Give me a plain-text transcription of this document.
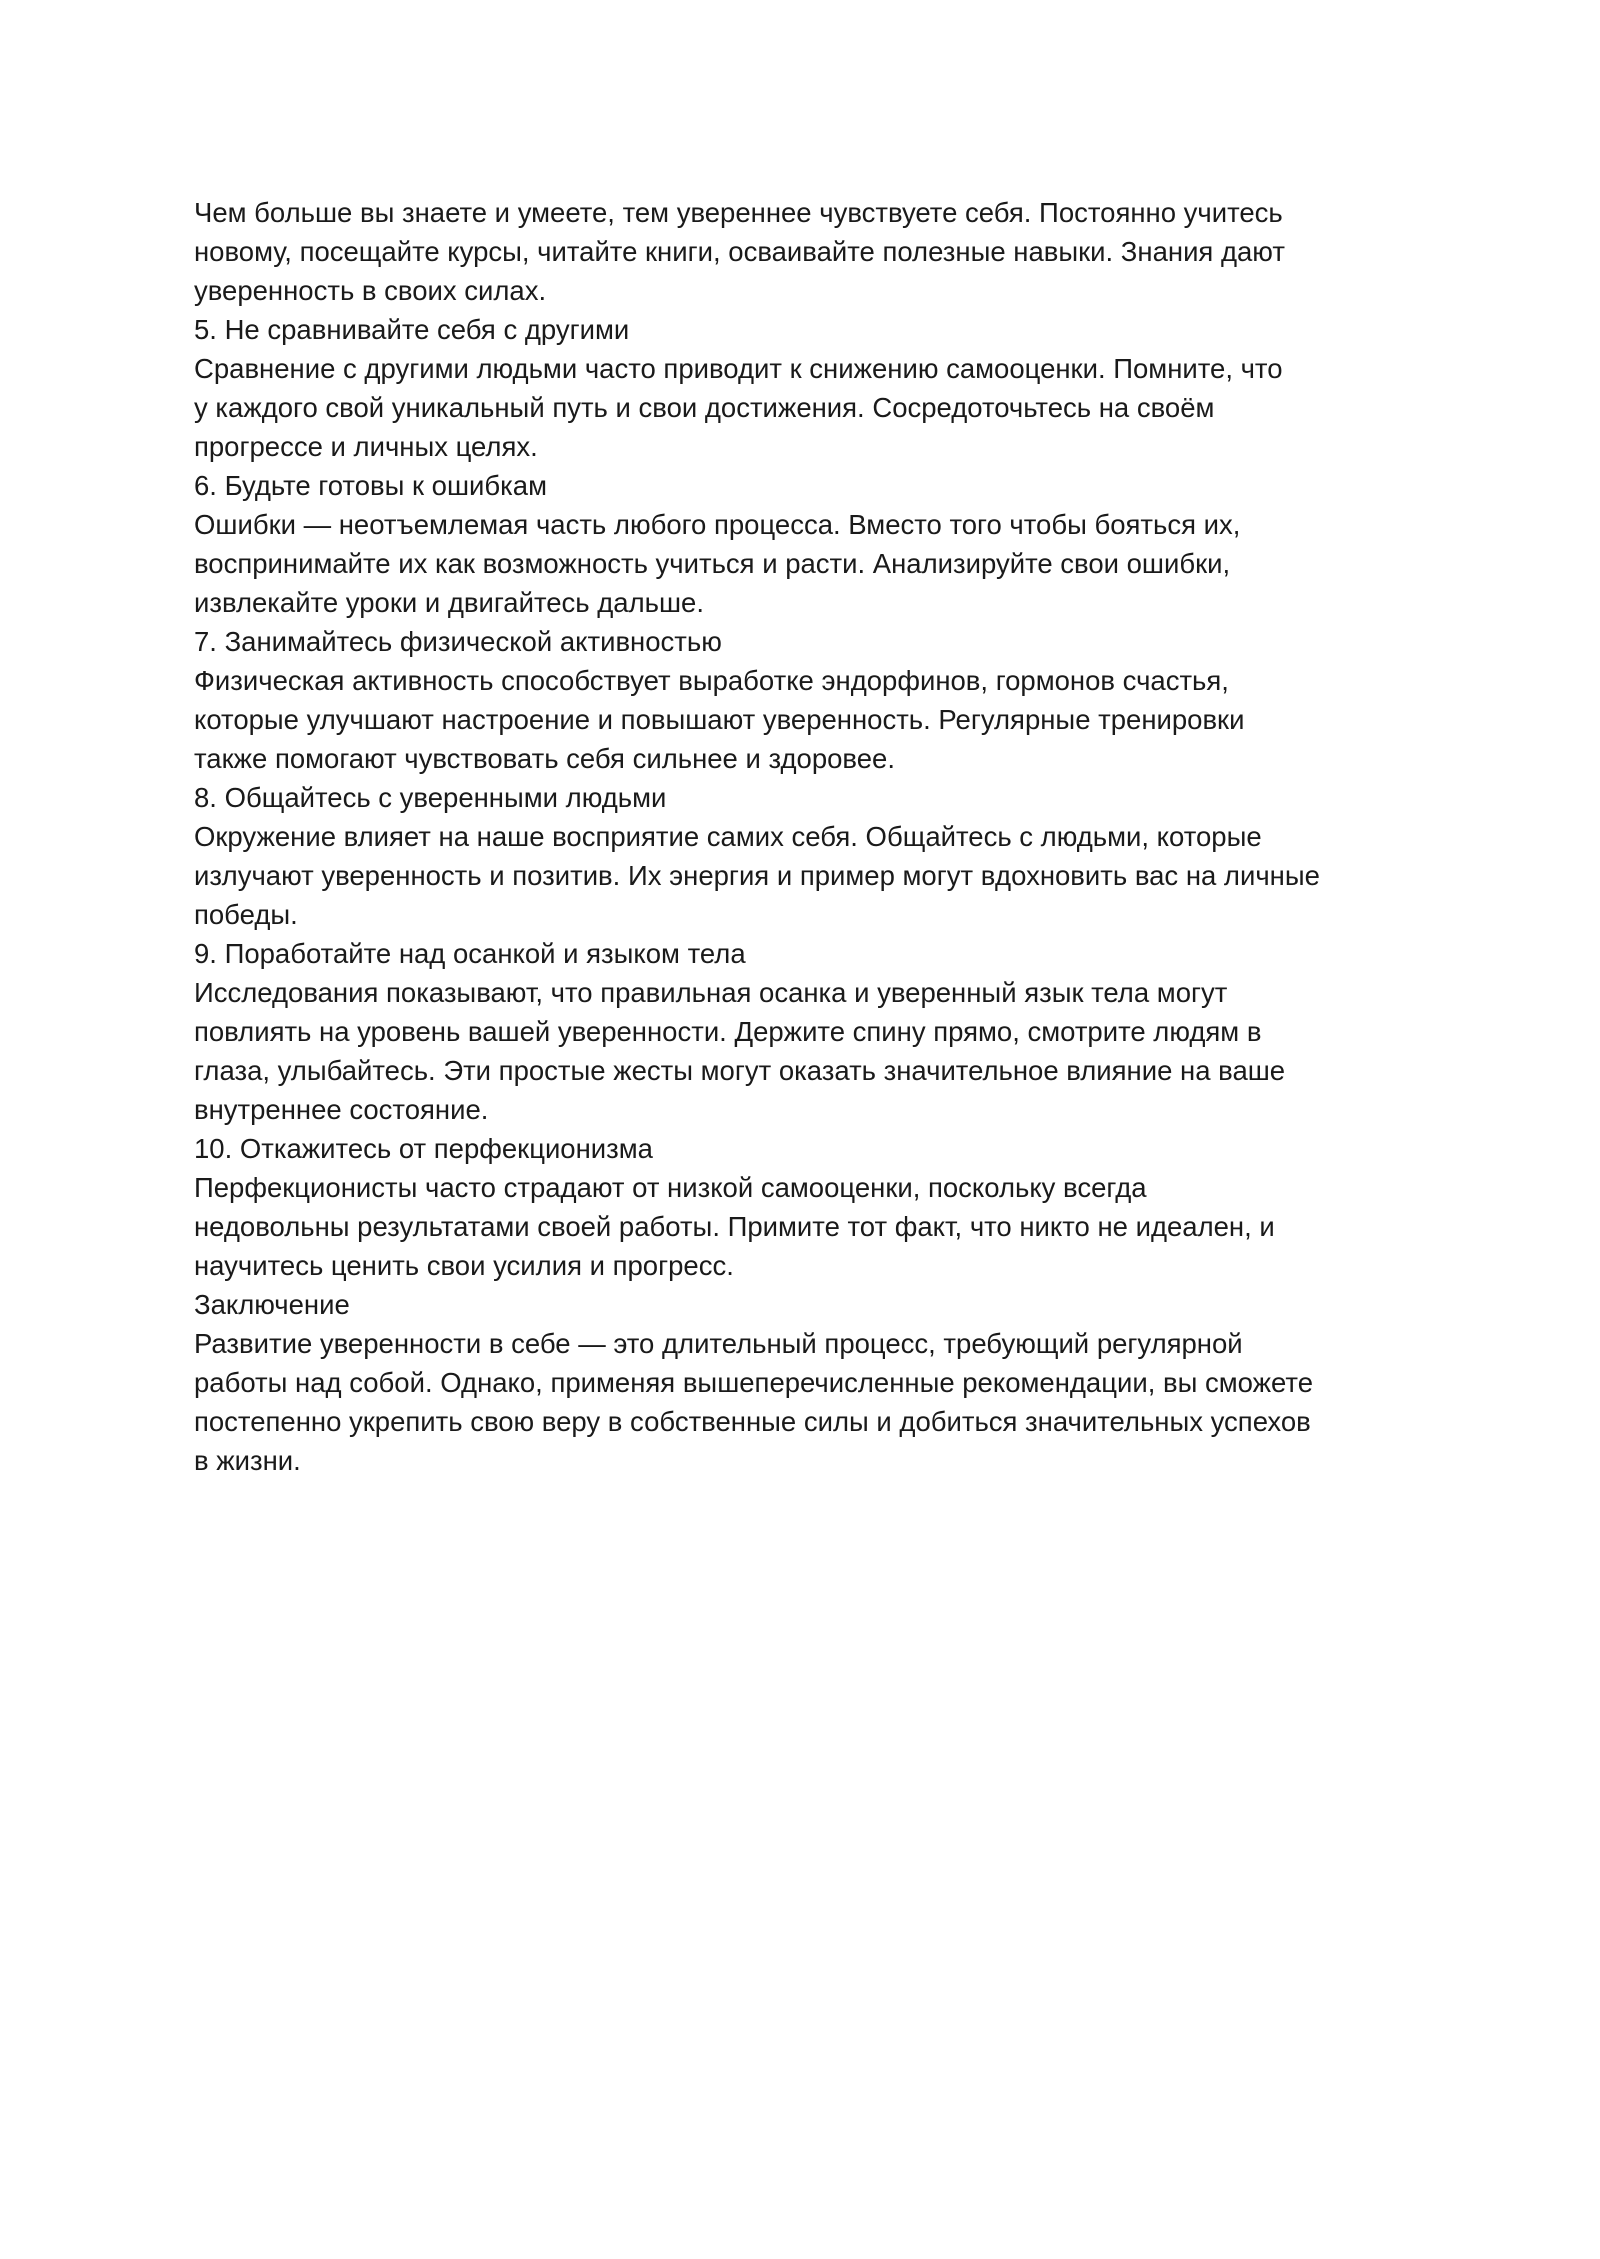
Чем больше вы знаете и умеете, тем увереннее чувствуете себя. Постоянно учитесь
новому, посещайте курсы, читайте книги, осваивайте полезные навыки. Знания дают
уверенность в своих силах.
5. Не сравнивайте себя с другими
Сравнение с другими людьми часто приводит к снижению самооценки. Помните, что
у каждого свой уникальный путь и свои достижения. Сосредоточьтесь на своём
прогрессе и личных целях.
6. Будьте готовы к ошибкам
Ошибки — неотъемлемая часть любого процесса. Вместо того чтобы бояться их,
воспринимайте их как возможность учиться и расти. Анализируйте свои ошибки,
извлекайте уроки и двигайтесь дальше.
7. Занимайтесь физической активностью
Физическая активность способствует выработке эндорфинов, гормонов счастья,
которые улучшают настроение и повышают уверенность. Регулярные тренировки
также помогают чувствовать себя сильнее и здоровее.
8. Общайтесь с уверенными людьми
Окружение влияет на наше восприятие самих себя. Общайтесь с людьми, которые
излучают уверенность и позитив. Их энергия и пример могут вдохновить вас на личные
победы.
9. Поработайте над осанкой и языком тела
Исследования показывают, что правильная осанка и уверенный язык тела могут
повлиять на уровень вашей уверенности. Держите спину прямо, смотрите людям в
глаза, улыбайтесь. Эти простые жесты могут оказать значительное влияние на ваше
внутреннее состояние.
10. Откажитесь от перфекционизма
Перфекционисты часто страдают от низкой самооценки, поскольку всегда
недовольны результатами своей работы. Примите тот факт, что никто не идеален, и
научитесь ценить свои усилия и прогресс.
Заключение
Развитие уверенности в себе — это длительный процесс, требующий регулярной
работы над собой. Однако, применяя вышеперечисленные рекомендации, вы сможете
постепенно укрепить свою веру в собственные силы и добиться значительных успехов
в жизни.
